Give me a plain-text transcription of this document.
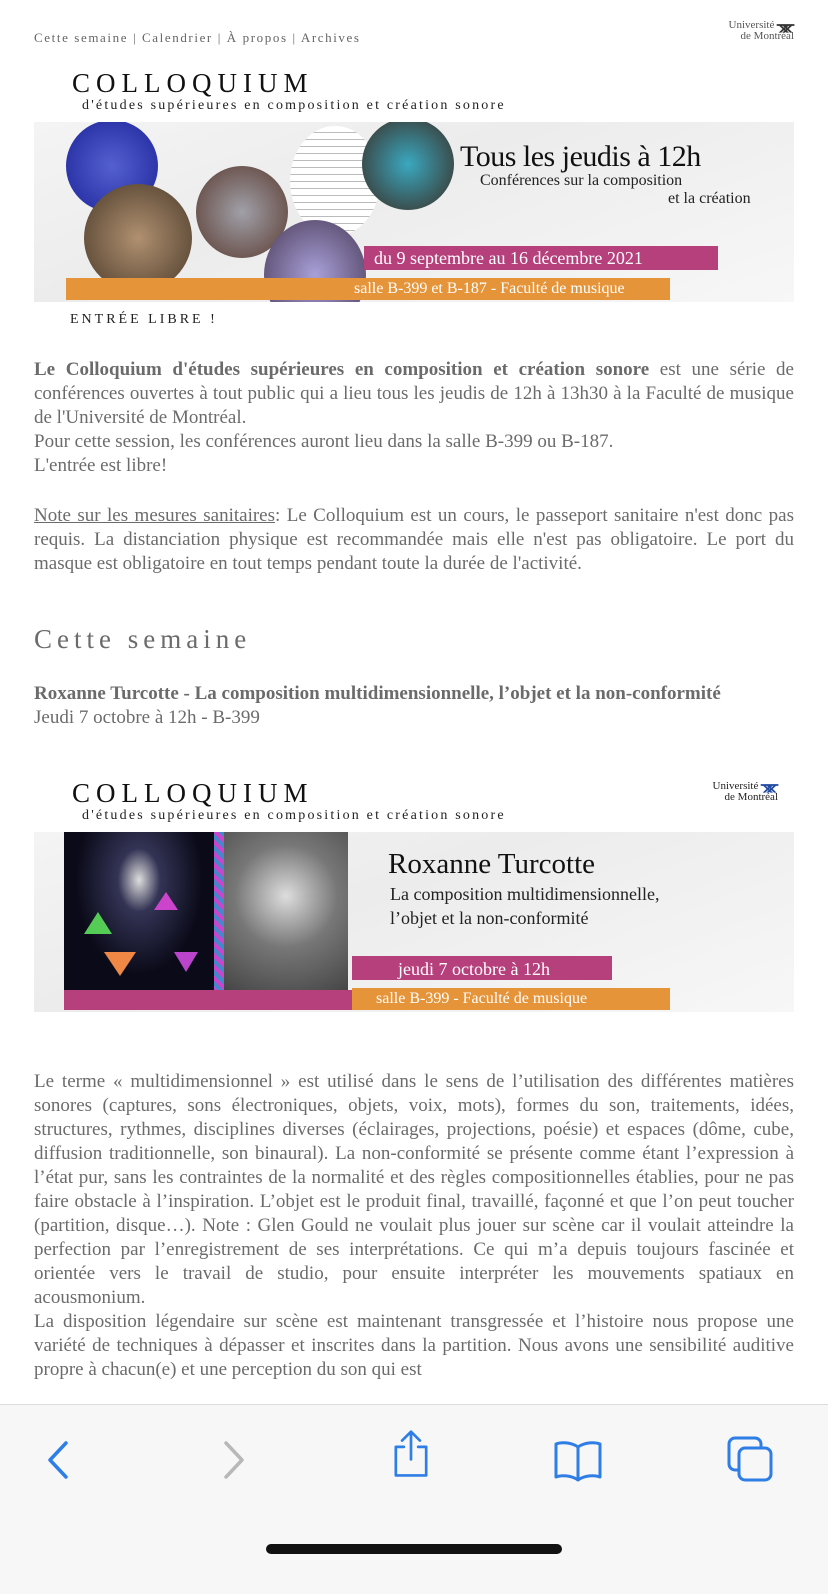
Cette semaine | Calendrier | À propos | Archives
Université ᚘ
de Montréal
COLLOQUIUM
d'études supérieures en composition et création sonore
Tous les jeudis à 12h
Conférences sur la composition
et la création
du 9 septembre au 16 décembre 2021
salle B-399 et B-187 - Faculté de musique
ENTRÉE LIBRE !
Le Colloquium d'études supérieures en composition et création sonore est une série de conférences ouvertes à tout public qui a lieu tous les jeudis de 12h à 13h30 à la Faculté de musique de l'Université de Montréal.
Pour cette session, les conférences auront lieu dans la salle B-399 ou B-187.
L'entrée est libre!
Note sur les mesures sanitaires: Le Colloquium est un cours, le passeport sanitaire n'est donc pas requis. La distanciation physique est recommandée mais elle n'est pas obligatoire. Le port du masque est obligatoire en tout temps pendant toute la durée de l'activité.
Cette semaine
Roxanne Turcotte - La composition multidimensionnelle, l’objet et la non-conformité
Jeudi 7 octobre à 12h - B-399
COLLOQUIUM
d'études supérieures en composition et création sonore
Université ᚘ
de Montréal
Roxanne Turcotte
La composition multidimensionnelle,
l’objet et la non-conformité
jeudi 7 octobre à 12h
salle B-399 - Faculté de musique
Le terme « multidimensionnel » est utilisé dans le sens de l’utilisation des différentes matières sonores (captures, sons électroniques, objets, voix, mots), formes du son, traitements, idées, structures, rythmes, disciplines diverses (éclairages, projections, poésie) et espaces (dôme, cube, diffusion traditionnelle, son binaural). La non-conformité se présente comme étant l’expression à l’état pur, sans les contraintes de la normalité et des règles compositionnelles établies, pour ne pas faire obstacle à l’inspiration. L’objet est le produit final, travaillé, façonné et que l’on peut toucher (partition, disque…). Note : Glen Gould ne voulait plus jouer sur scène car il voulait atteindre la perfection par l’enregistrement de ses interprétations. Ce qui m’a depuis toujours fascinée et orientée vers le travail de studio, pour ensuite interpréter les mouvements spatiaux en acousmonium.
La disposition légendaire sur scène est maintenant transgressée et l’histoire nous propose une variété de techniques à dépasser et inscrites dans la partition. Nous avons une sensibilité auditive propre à chacun(e) et une perception du son qui est
